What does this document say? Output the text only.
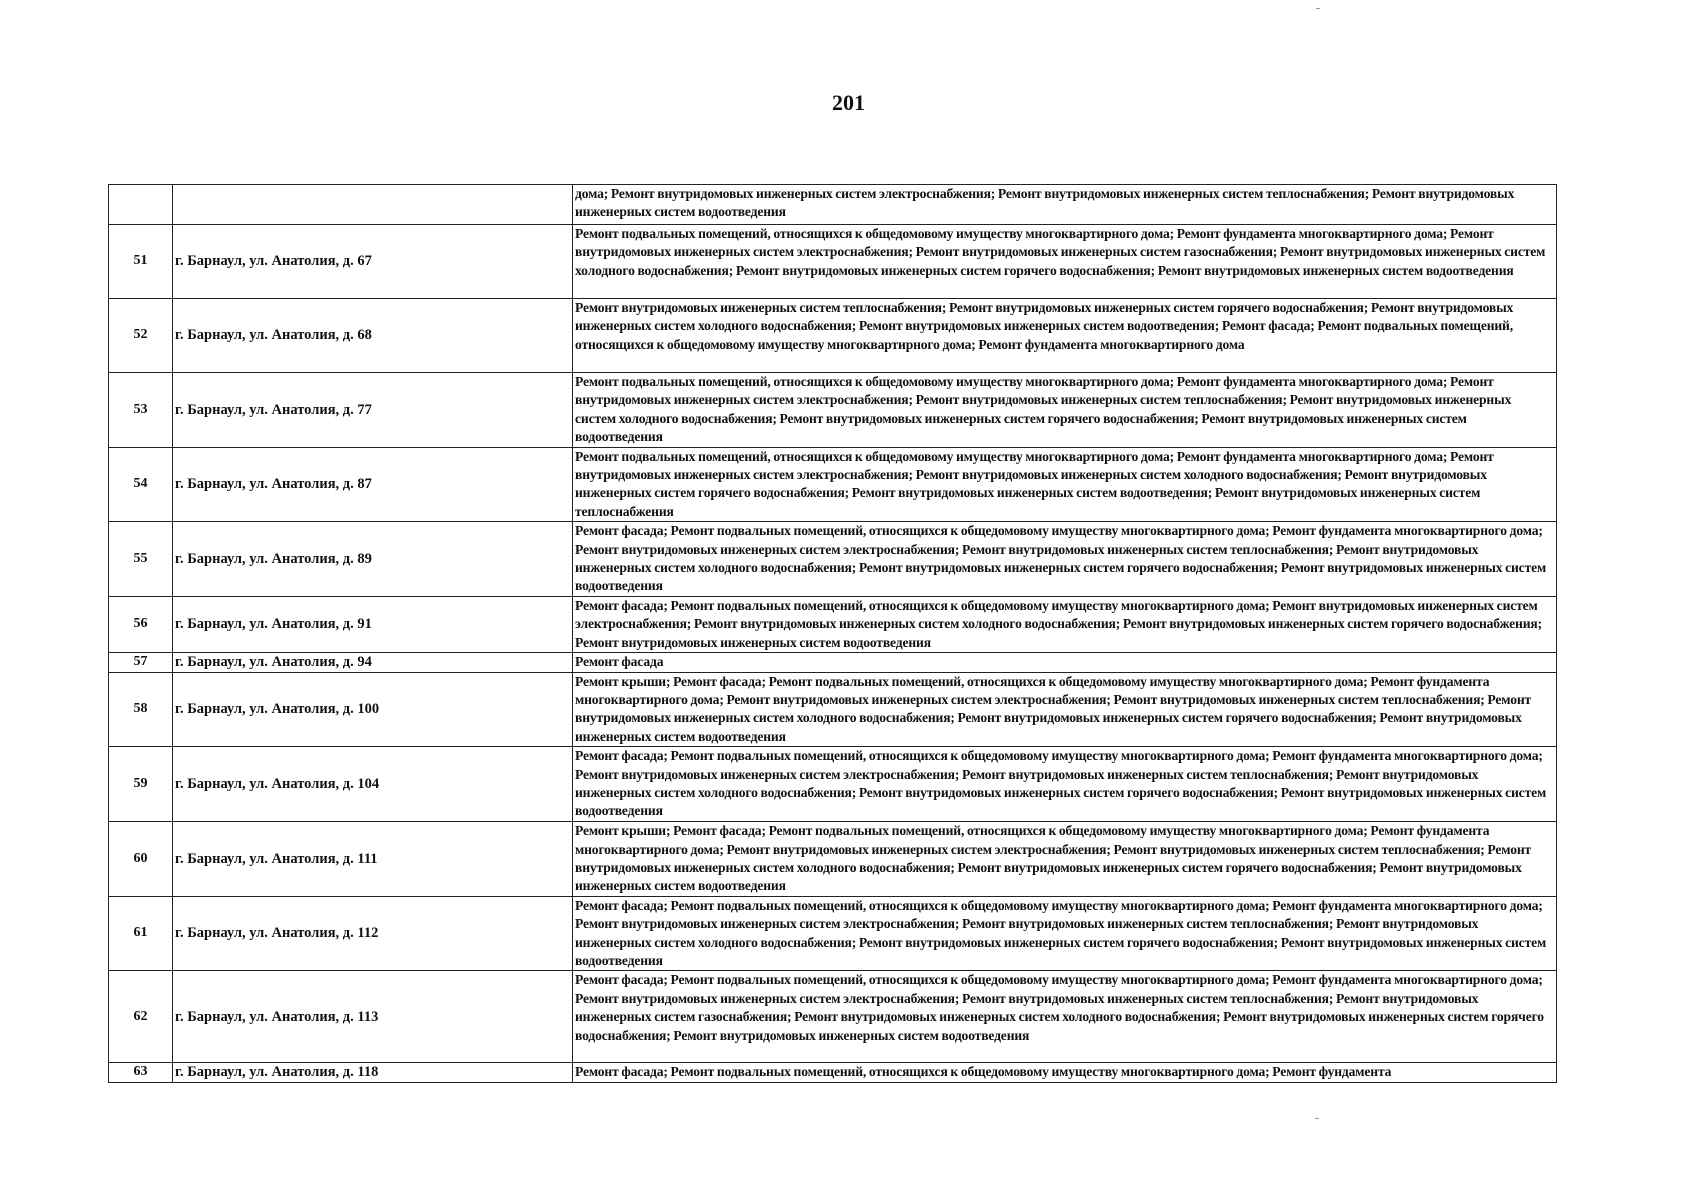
201
		дома; Ремонт внутридомовых инженерных систем электроснабжения; Ремонт внутридомовых инженерных систем теплоснабжения; Ремонт внутридомовых инженерных систем водоотведения
51	г. Барнаул, ул. Анатолия, д. 67	Ремонт подвальных помещений, относящихся к общедомовому имуществу многоквартирного дома; Ремонт фундамента многоквартирного дома; Ремонт внутридомовых инженерных систем электроснабжения; Ремонт внутридомовых инженерных систем газоснабжения; Ремонт внутридомовых инженерных систем холодного водоснабжения; Ремонт внутридомовых инженерных систем горячего водоснабжения; Ремонт внутридомовых инженерных систем водоотведения
52	г. Барнаул, ул. Анатолия, д. 68	Ремонт внутридомовых инженерных систем теплоснабжения; Ремонт внутридомовых инженерных систем горячего водоснабжения; Ремонт внутридомовых инженерных систем холодного водоснабжения; Ремонт внутридомовых инженерных систем водоотведения; Ремонт фасада; Ремонт подвальных помещений, относящихся к общедомовому имуществу многоквартирного дома; Ремонт фундамента многоквартирного дома
53	г. Барнаул, ул. Анатолия, д. 77	Ремонт подвальных помещений, относящихся к общедомовому имуществу многоквартирного дома; Ремонт фундамента многоквартирного дома; Ремонт внутридомовых инженерных систем электроснабжения; Ремонт внутридомовых инженерных систем теплоснабжения; Ремонт внутридомовых инженерных систем холодного водоснабжения; Ремонт внутридомовых инженерных систем горячего водоснабжения; Ремонт внутридомовых инженерных систем водоотведения
54	г. Барнаул, ул. Анатолия, д. 87	Ремонт подвальных помещений, относящихся к общедомовому имуществу многоквартирного дома; Ремонт фундамента многоквартирного дома; Ремонт внутридомовых инженерных систем электроснабжения; Ремонт внутридомовых инженерных систем холодного водоснабжения; Ремонт внутридомовых инженерных систем горячего водоснабжения; Ремонт внутридомовых инженерных систем водоотведения; Ремонт внутридомовых инженерных систем теплоснабжения
55	г. Барнаул, ул. Анатолия, д. 89	Ремонт фасада; Ремонт подвальных помещений, относящихся к общедомовому имуществу многоквартирного дома; Ремонт фундамента многоквартирного дома; Ремонт внутридомовых инженерных систем электроснабжения; Ремонт внутридомовых инженерных систем теплоснабжения; Ремонт внутридомовых инженерных систем холодного водоснабжения; Ремонт внутридомовых инженерных систем горячего водоснабжения; Ремонт внутридомовых инженерных систем водоотведения
56	г. Барнаул, ул. Анатолия, д. 91	Ремонт фасада; Ремонт подвальных помещений, относящихся к общедомовому имуществу многоквартирного дома; Ремонт внутридомовых инженерных систем электроснабжения; Ремонт внутридомовых инженерных систем холодного водоснабжения; Ремонт внутридомовых инженерных систем горячего водоснабжения; Ремонт внутридомовых инженерных систем водоотведения
57	г. Барнаул, ул. Анатолия, д. 94	Ремонт фасада
58	г. Барнаул, ул. Анатолия, д. 100	Ремонт крыши; Ремонт фасада; Ремонт подвальных помещений, относящихся к общедомовому имуществу многоквартирного дома; Ремонт фундамента многоквартирного дома; Ремонт внутридомовых инженерных систем электроснабжения; Ремонт внутридомовых инженерных систем теплоснабжения; Ремонт внутридомовых инженерных систем холодного водоснабжения; Ремонт внутридомовых инженерных систем горячего водоснабжения; Ремонт внутридомовых инженерных систем водоотведения
59	г. Барнаул, ул. Анатолия, д. 104	Ремонт фасада; Ремонт подвальных помещений, относящихся к общедомовому имуществу многоквартирного дома; Ремонт фундамента многоквартирного дома; Ремонт внутридомовых инженерных систем электроснабжения; Ремонт внутридомовых инженерных систем теплоснабжения; Ремонт внутридомовых инженерных систем холодного водоснабжения; Ремонт внутридомовых инженерных систем горячего водоснабжения; Ремонт внутридомовых инженерных систем водоотведения
60	г. Барнаул, ул. Анатолия, д. 111	Ремонт крыши; Ремонт фасада; Ремонт подвальных помещений, относящихся к общедомовому имуществу многоквартирного дома; Ремонт фундамента многоквартирного дома; Ремонт внутридомовых инженерных систем электроснабжения; Ремонт внутридомовых инженерных систем теплоснабжения; Ремонт внутридомовых инженерных систем холодного водоснабжения; Ремонт внутридомовых инженерных систем горячего водоснабжения; Ремонт внутридомовых инженерных систем водоотведения
61	г. Барнаул, ул. Анатолия, д. 112	Ремонт фасада; Ремонт подвальных помещений, относящихся к общедомовому имуществу многоквартирного дома; Ремонт фундамента многоквартирного дома; Ремонт внутридомовых инженерных систем электроснабжения; Ремонт внутридомовых инженерных систем теплоснабжения; Ремонт внутридомовых инженерных систем холодного водоснабжения; Ремонт внутридомовых инженерных систем горячего водоснабжения; Ремонт внутридомовых инженерных систем водоотведения
62	г. Барнаул, ул. Анатолия, д. 113	Ремонт фасада; Ремонт подвальных помещений, относящихся к общедомовому имуществу многоквартирного дома; Ремонт фундамента многоквартирного дома; Ремонт внутридомовых инженерных систем электроснабжения; Ремонт внутридомовых инженерных систем теплоснабжения; Ремонт внутридомовых инженерных систем газоснабжения; Ремонт внутридомовых инженерных систем холодного водоснабжения; Ремонт внутридомовых инженерных систем горячего водоснабжения; Ремонт внутридомовых инженерных систем водоотведения
63	г. Барнаул, ул. Анатолия, д. 118	Ремонт фасада; Ремонт подвальных помещений, относящихся к общедомовому имуществу многоквартирного дома; Ремонт фундамента
